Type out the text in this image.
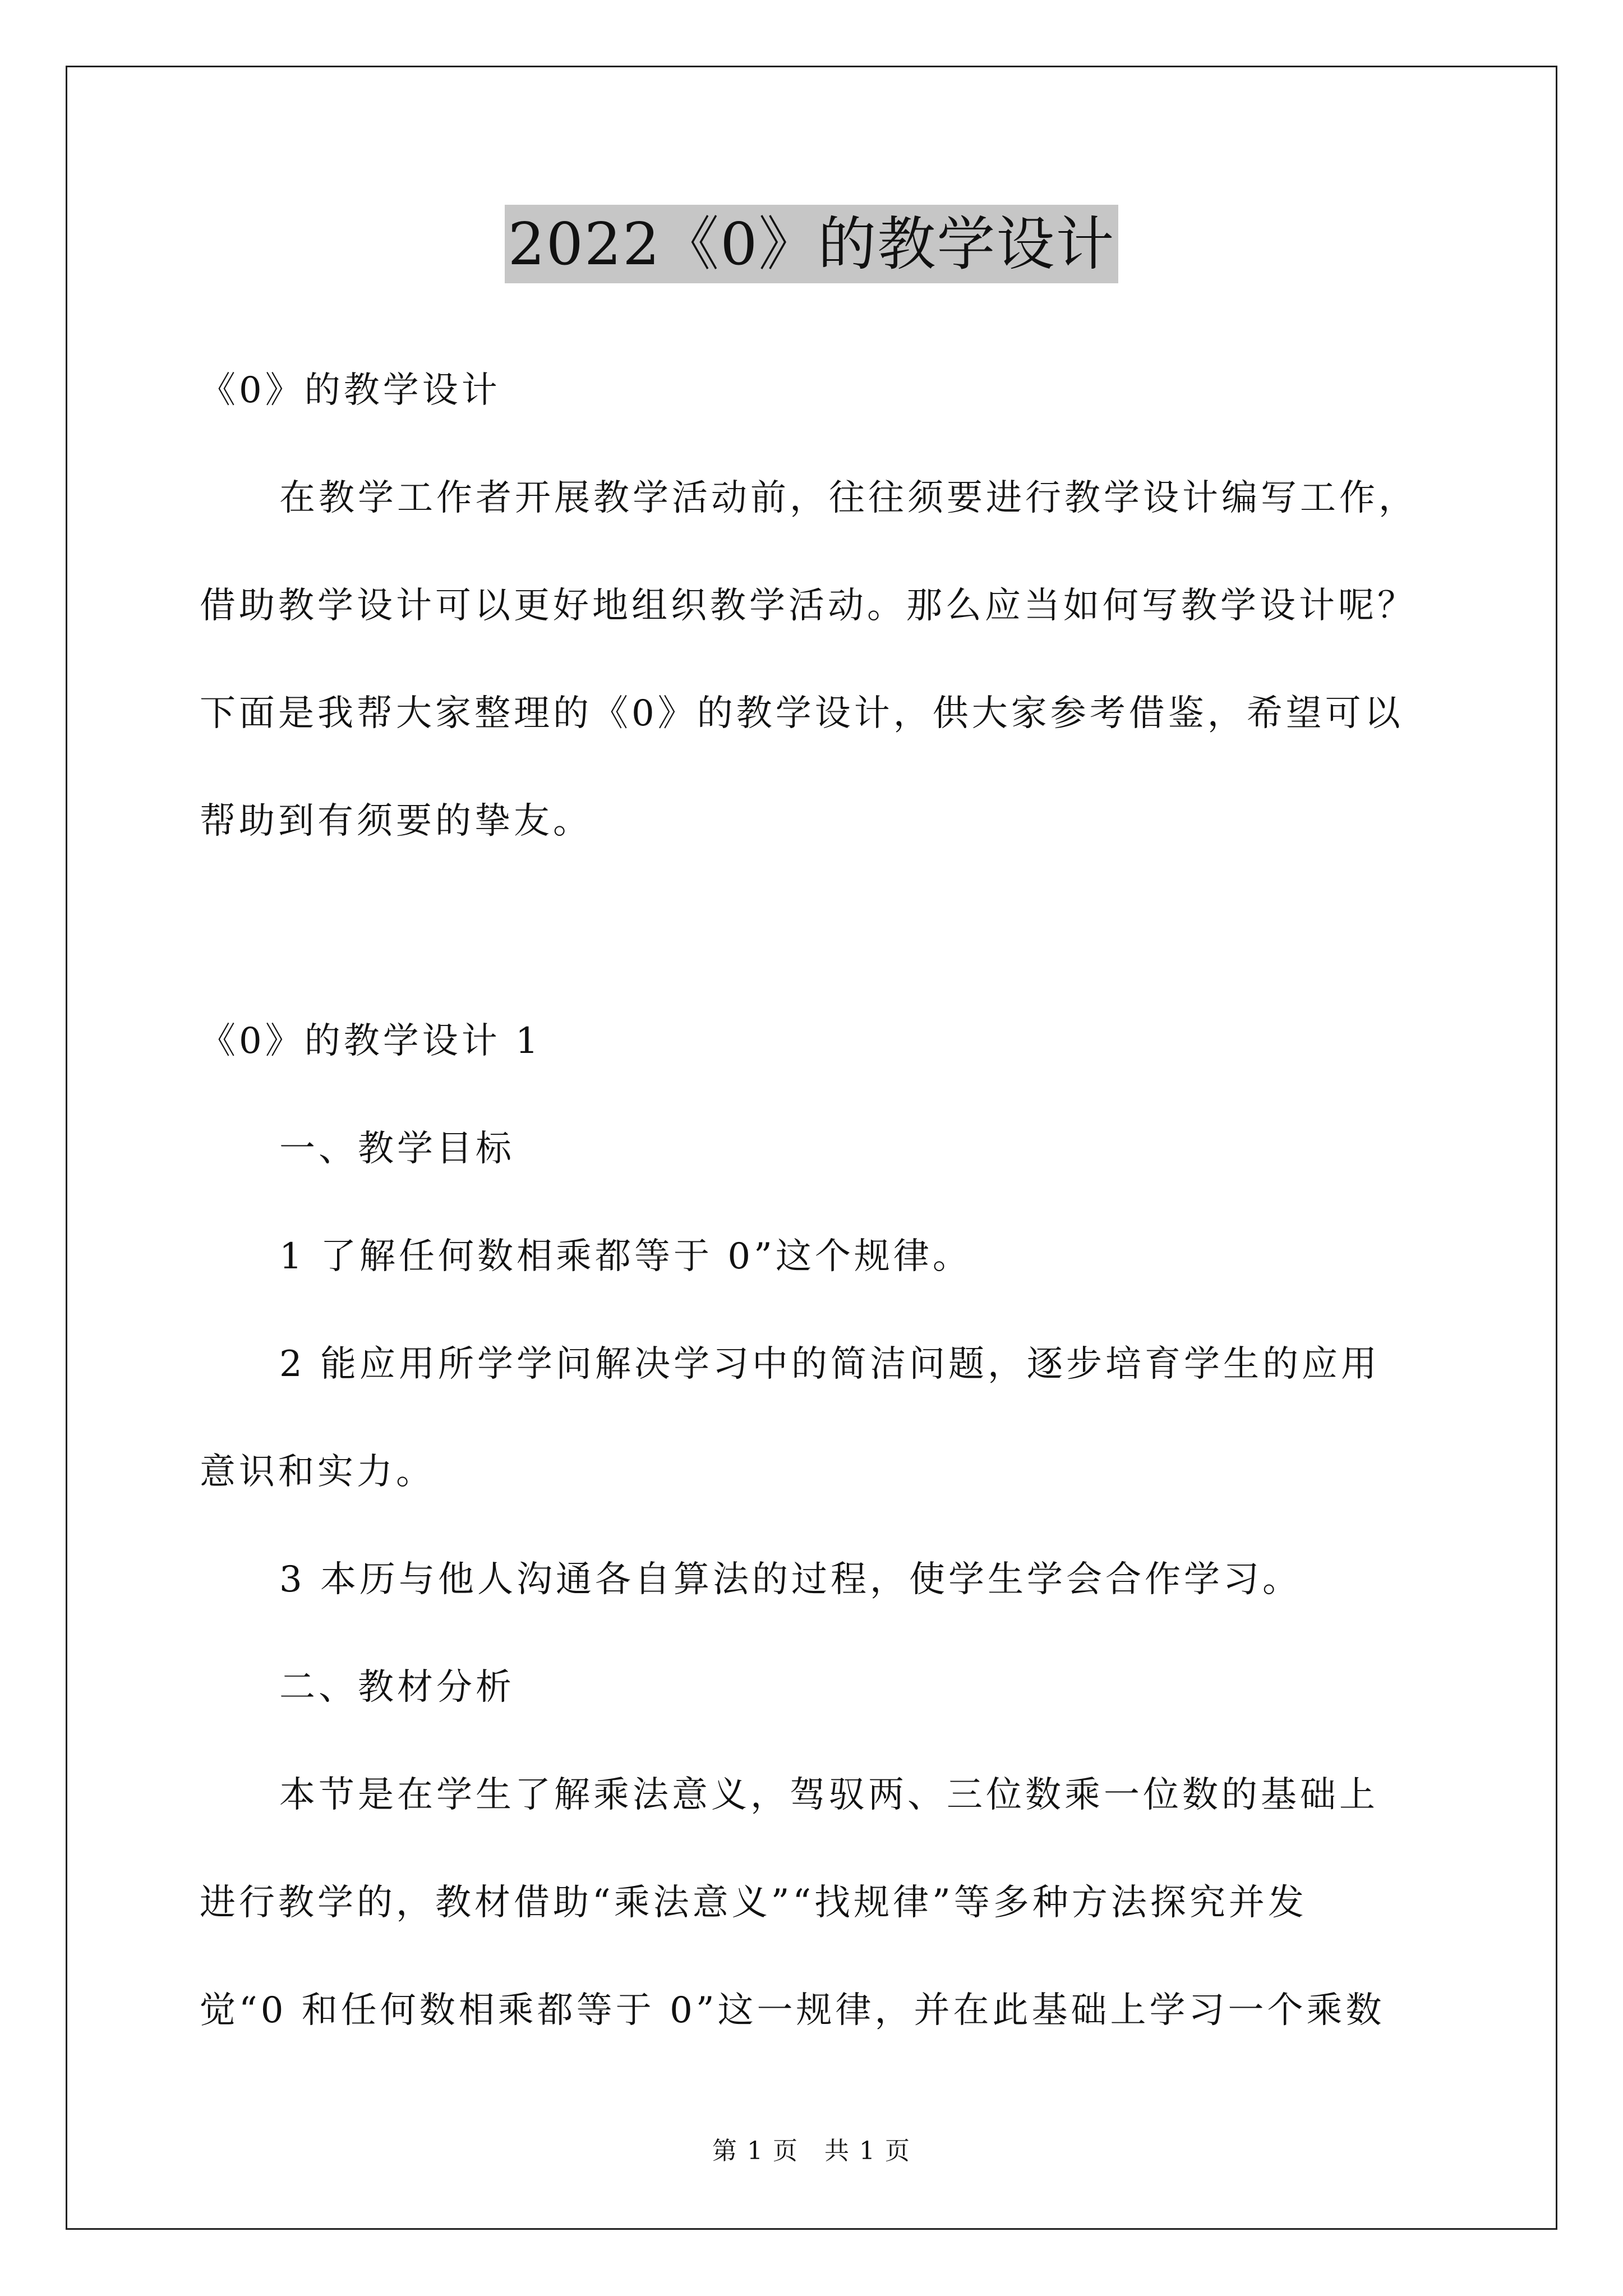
2022《0》的教学设计
《0》的教学设计
在教学工作者开展教学活动前，往往须要进行教学设计编写工作，
借助教学设计可以更好地组织教学活动。那么应当如何写教学设计呢？
下面是我帮大家整理的《0》的教学设计，供大家参考借鉴，希望可以
帮助到有须要的挚友。
《0》的教学设计 1
一、教学目标
1 了解任何数相乘都等于 0”这个规律。
2 能应用所学学问解决学习中的简洁问题，逐步培育学生的应用
意识和实力。
3 本历与他人沟通各自算法的过程，使学生学会合作学习。
二、教材分析
本节是在学生了解乘法意义，驾驭两、三位数乘一位数的基础上
进行教学的，教材借助“乘法意义”“找规律”等多种方法探究并发
觉“0 和任何数相乘都等于 0”这一规律，并在此基础上学习一个乘数
第 1 页　共 1 页
